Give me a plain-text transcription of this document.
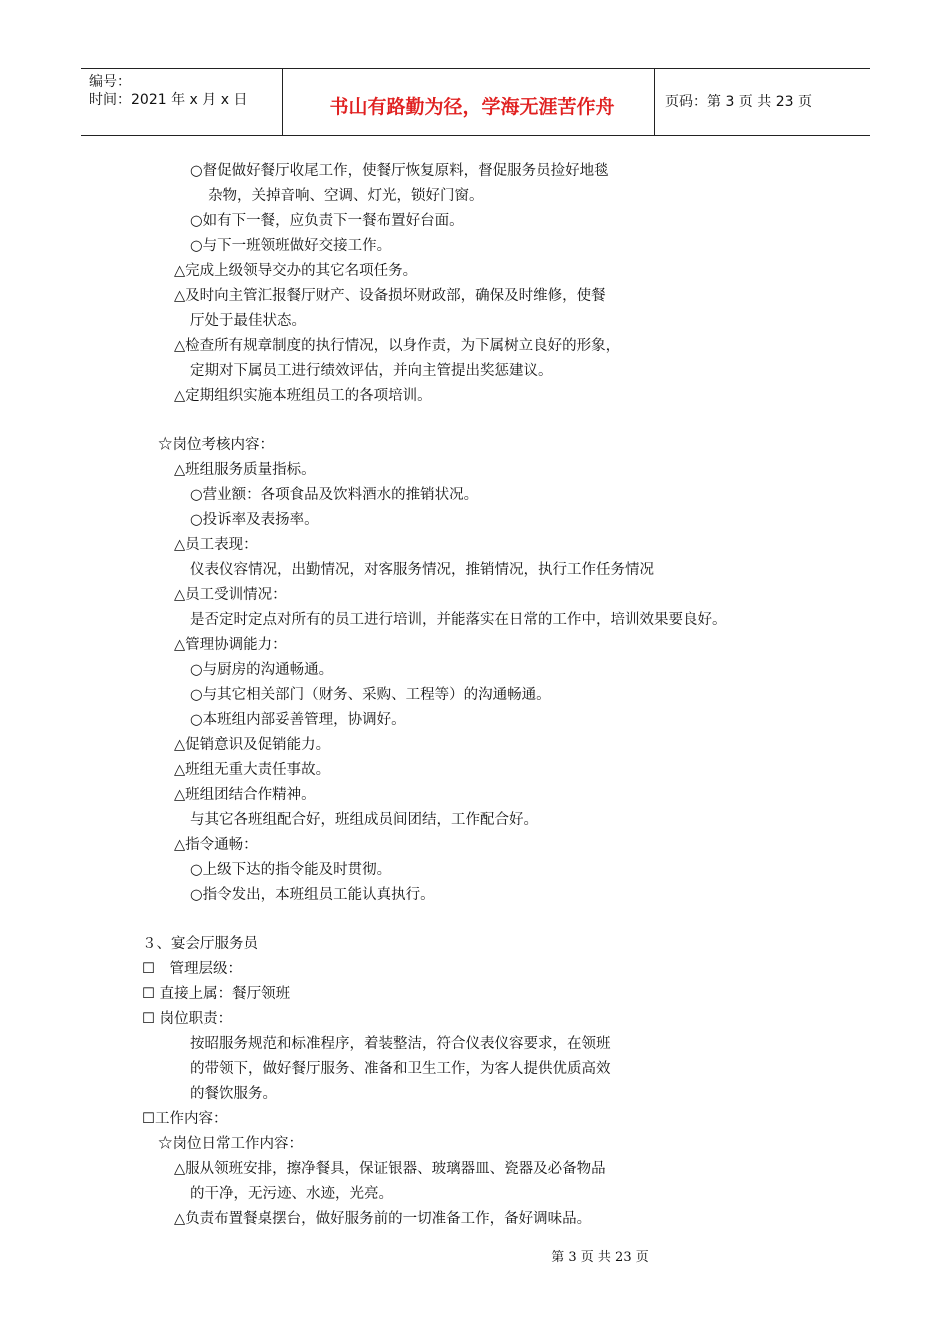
编号：
时间：2021 年 x 月 x 日	书山有路勤为径，学海无涯苦作舟	页码：第 3 页 共 23 页
○督促做好餐厅收尾工作，使餐厅恢复原料，督促服务员捡好地毯
杂物，关掉音响、空调、灯光，锁好门窗。
○如有下一餐，应负责下一餐布置好台面。
○与下一班领班做好交接工作。
△完成上级领导交办的其它名项任务。
△及时向主管汇报餐厅财产、设备损坏财政部，确保及时维修，使餐
厅处于最佳状态。
△检查所有规章制度的执行情况，以身作责，为下属树立良好的形象，
定期对下属员工进行绩效评估，并向主管提出奖惩建议。
△定期组织实施本班组员工的各项培训。
☆岗位考核内容：
△班组服务质量指标。
○营业额：各项食品及饮料酒水的推销状况。
○投诉率及表扬率。
△员工表现：
仪表仪容情况，出勤情况，对客服务情况，推销情况，执行工作任务情况
△员工受训情况：
是否定时定点对所有的员工进行培训，并能落实在日常的工作中，培训效果要良好。
△管理协调能力：
○与厨房的沟通畅通。
○与其它相关部门（财务、采购、工程等）的沟通畅通。
○本班组内部妥善管理，协调好。
△促销意识及促销能力。
△班组无重大责任事故。
△班组团结合作精神。
与其它各班组配合好，班组成员间团结，工作配合好。
△指令通畅：
○上级下达的指令能及时贯彻。
○指令发出，本班组员工能认真执行。
３、宴会厅服务员
☐　管理层级：
☐ 直接上属：餐厅领班
☐ 岗位职责：
按昭服务规范和标准程序，着装整洁，符合仪表仪容要求，在领班
的带领下，做好餐厅服务、准备和卫生工作，为客人提供优质高效
的餐饮服务。
☐工作内容：
☆岗位日常工作内容：
△服从领班安排，擦净餐具，保证银器、玻璃器皿、瓷器及必备物品
的干净，无污迹、水迹，光亮。
△负责布置餐桌摆台，做好服务前的一切准备工作，备好调味品。
第 3 页 共 23 页
